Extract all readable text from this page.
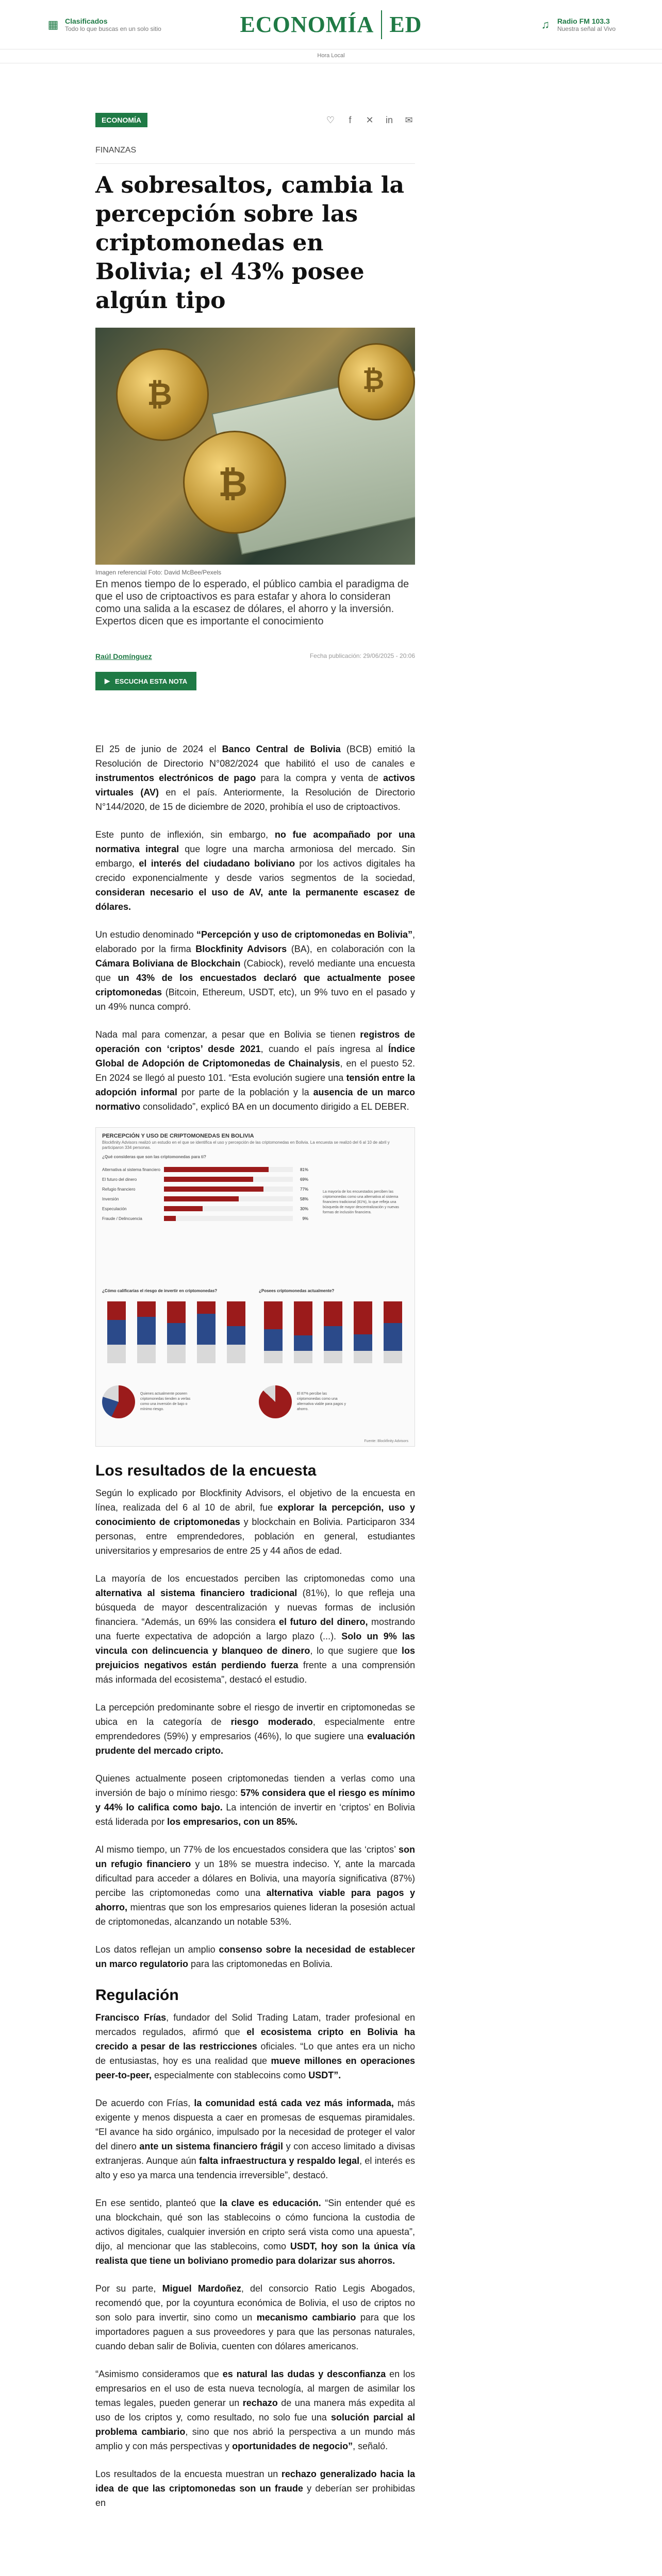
▦ Clasificados
Todo lo que buscas en un solo sitio	ECONOMÍA ED	♫	Radio FM 103.3
Nuestra señal al Vivo
Hora Local
ECONOMÍA	♡	f	✕ in ✉
FINANZAS
A sobresaltos, cambia la percepción sobre las criptomonedas en Bolivia; el 43% posee algún tipo
₿
₿
₿
Imagen referencial Foto: David McBee/Pexels

En menos tiempo de lo esperado, el público cambia el paradigma de que el uso de criptoactivos es para estafar y ahora lo consideran como una salida a la escasez de dólares, el ahorro y la inversión. Expertos dicen que es importante el conocimiento

Raúl Domínguez	Fecha publicación: 29/06/2025 - 20:06
▶ ESCUCHA ESTA NOTA

El 25 de junio de 2024 el Banco Central de Bolivia (BCB) emitió la Resolución de Directorio N°082/2024 que habilitó el uso de canales e instrumentos electrónicos de pago para la compra y venta de activos virtuales (AV) en el país. Anteriormente, la Resolución de Directorio N°144/2020, de 15 de diciembre de 2020, prohibía el uso de criptoactivos.

Este punto de inflexión, sin embargo, no fue acompañado por una normativa integral que logre una marcha armoniosa del mercado. Sin embargo, el interés del ciudadano boliviano por los activos digitales ha crecido exponencialmente y desde varios segmentos de la sociedad, consideran necesario el uso de AV, ante la permanente escasez de dólares.

Un estudio denominado “Percepción y uso de criptomonedas en Bolivia”, elaborado por la firma Blockfinity Advisors (BA), en colaboración con la Cámara Boliviana de Blockchain (Cabiock), reveló mediante una encuesta que un 43% de los encuestados declaró que actualmente posee criptomonedas (Bitcoin, Ethereum, USDT, etc), un 9% tuvo en el pasado y un 49% nunca compró.

Nada mal para comenzar, a pesar que en Bolivia se tienen registros de operación con ‘criptos’ desde 2021, cuando el país ingresa al Índice Global de Adopción de Criptomonedas de Chainalysis, en el puesto 52. En 2024 se llegó al puesto 101. “Esta evolución sugiere una tensión entre la adopción informal por parte de la población y la ausencia de un marco normativo consolidado”, explicó BA en un documento dirigido a EL DEBER.

PERCEPCIÓN Y USO DE CRIPTOMONEDAS EN BOLIVIA
Blockfinity Advisors realizó un estudio en el que se identifica el uso y percepción de las criptomonedas en Bolivia. La encuesta se realizó del 6 al 10 de abril y participaron 334 personas.
¿Qué consideras que son las criptomonedas para ti?
Alternativa al sistema financiero	81%
El futuro del dinero	69%
Refugio financiero	77%
Inversión	58%
Especulación	30%
Fraude / Delincuencia	9%
La mayoría de los encuestados perciben las criptomonedas como una alternativa al sistema financiero tradicional (81%), lo que refleja una búsqueda de mayor descentralización y nuevas formas de inclusión financiera.
¿Cómo calificarías el riesgo de invertir en criptomonedas?	¿Posees criptomonedas actualmente?
Quienes actualmente poseen criptomonedas tienden a verlas como una inversión de bajo o mínimo riesgo.
El 87% percibe las criptomonedas como una alternativa viable para pagos y ahorro.
Fuente: Blockfinity Advisors
Los resultados de la encuesta

Según lo explicado por Blockfinity Advisors, el objetivo de la encuesta en línea, realizada del 6 al 10 de abril, fue explorar la percepción, uso y conocimiento de criptomonedas y blockchain en Bolivia. Participaron 334 personas, entre emprendedores, población en general, estudiantes universitarios y empresarios de entre 25 y 44 años de edad.

La mayoría de los encuestados perciben las criptomonedas como una alternativa al sistema financiero tradicional (81%), lo que refleja una búsqueda de mayor descentralización y nuevas formas de inclusión financiera. “Además, un 69% las considera el futuro del dinero, mostrando una fuerte expectativa de adopción a largo plazo (...). Solo un 9% las vincula con delincuencia y blanqueo de dinero, lo que sugiere que los prejuicios negativos están perdiendo fuerza frente a una comprensión más informada del ecosistema”, destacó el estudio.

La percepción predominante sobre el riesgo de invertir en criptomonedas se ubica en la categoría de riesgo moderado, especialmente entre emprendedores (59%) y empresarios (46%), lo que sugiere una evaluación prudente del mercado cripto.

Quienes actualmente poseen criptomonedas tienden a verlas como una inversión de bajo o mínimo riesgo: 57% considera que el riesgo es mínimo y 44% lo califica como bajo. La intención de invertir en ‘criptos’ en Bolivia está liderada por los empresarios, con un 85%.

Al mismo tiempo, un 77% de los encuestados considera que las ‘criptos’ son un refugio financiero y un 18% se muestra indeciso. Y, ante la marcada dificultad para acceder a dólares en Bolivia, una mayoría significativa (87%) percibe las criptomonedas como una alternativa viable para pagos y ahorro, mientras que son los empresarios quienes lideran la posesión actual de criptomonedas, alcanzando un notable 53%.

Los datos reflejan un amplio consenso sobre la necesidad de establecer un marco regulatorio para las criptomonedas en Bolivia.

Regulación

Francisco Frías, fundador del Solid Trading Latam, trader profesional en mercados regulados, afirmó que el ecosistema cripto en Bolivia ha crecido a pesar de las restricciones oficiales. “Lo que antes era un nicho de entusiastas, hoy es una realidad que mueve millones en operaciones peer-to-peer, especialmente con stablecoins como USDT”.

De acuerdo con Frías, la comunidad está cada vez más informada, más exigente y menos dispuesta a caer en promesas de esquemas piramidales. “El avance ha sido orgánico, impulsado por la necesidad de proteger el valor del dinero ante un sistema financiero frágil y con acceso limitado a divisas extranjeras. Aunque aún falta infraestructura y respaldo legal, el interés es alto y eso ya marca una tendencia irreversible”, destacó.

En ese sentido, planteó que la clave es educación. “Sin entender qué es una blockchain, qué son las stablecoins o cómo funciona la custodia de activos digitales, cualquier inversión en cripto será vista como una apuesta”, dijo, al mencionar que las stablecoins, como USDT, hoy son la única vía realista que tiene un boliviano promedio para dolarizar sus ahorros.

Por su parte, Miguel Mardoñez, del consorcio Ratio Legis Abogados, recomendó que, por la coyuntura económica de Bolivia, el uso de criptos no son solo para invertir, sino como un mecanismo cambiario para que los importadores paguen a sus proveedores y para que las personas naturales, cuando deban salir de Bolivia, cuenten con dólares americanos.

“Asimismo consideramos que es natural las dudas y desconfianza en los empresarios en el uso de esta nueva tecnología, al margen de asimilar los temas legales, pueden generar un rechazo de una manera más expedita al uso de los criptos y, como resultado, no solo fue una solución parcial al problema cambiario, sino que nos abrió la perspectiva a un mundo más amplio y con más perspectivas y oportunidades de negocio”, señaló.

Los resultados de la encuesta muestran un rechazo generalizado hacia la idea de que las criptomonedas son un fraude y deberían ser prohibidas en
